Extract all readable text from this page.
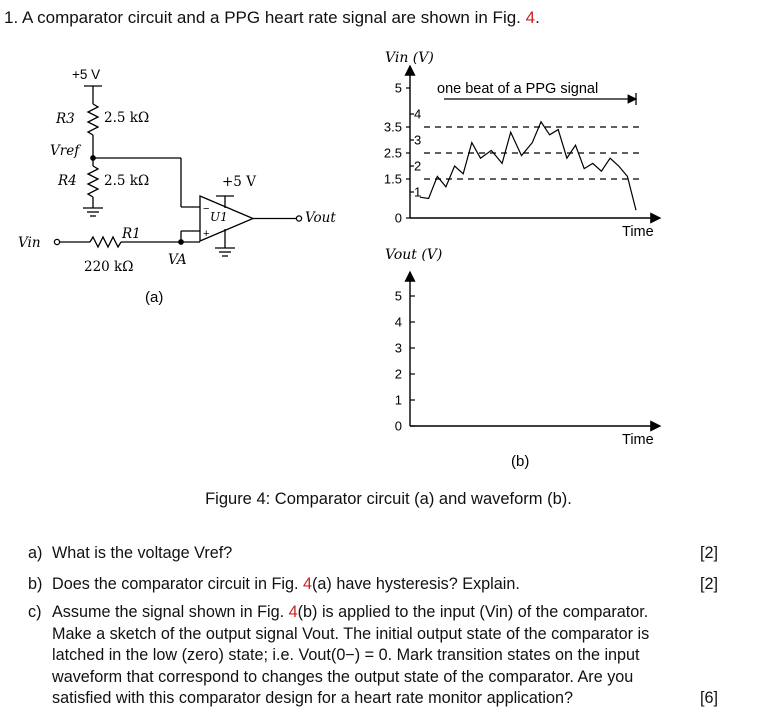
1. A comparator circuit and a PPG heart rate signal are shown in Fig. 4.
−
+
+5 V
R3 2.5 kΩ
Vref
R4 2.5 kΩ	+5 V
U1	Vout
Vin
R1
220 kΩ	VA
(a)
Vin (V)
5
3.5
2.5
1.5
0
4
3
2
1
one beat of a PPG signal
Time
Vout (V)
5
4
3
2
1
0
Time
(b)
Figure 4: Comparator circuit (a) and waveform (b).
a) What is the voltage Vref?	[2]
b) Does the comparator circuit in Fig. 4(a) have hysteresis? Explain.	[2]
c) Assume the signal shown in Fig. 4(b) is applied to the input (Vin) of the comparator.
Make a sketch of the output signal Vout. The initial output state of the comparator is
latched in the low (zero) state; i.e. Vout(0−) = 0. Mark transition states on the input
waveform that correspond to changes the output state of the comparator. Are you
satisfied with this comparator design for a heart rate monitor application?	[6]
